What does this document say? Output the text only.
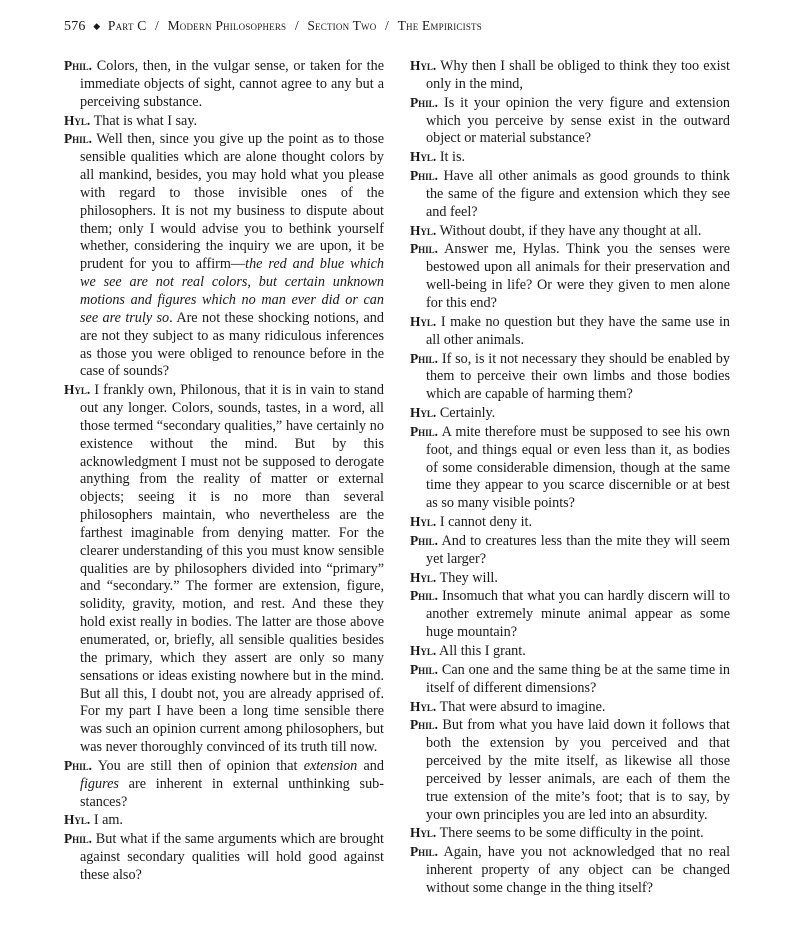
576 ◆ Part C / Modern Philosophers / Section Two / The Empiricists

Phil. Colors, then, in the vulgar sense, or taken for the immediate objects of sight, cannot agree to any but a perceiving substance.

Hyl. That is what I say.

Phil. Well then, since you give up the point as to those sensible qualities which are alone thought colors by all mankind, besides, you may hold what you please with regard to those invisible ones of the philosophers. It is not my business to dispute about them; only I would advise you to bethink yourself whether, considering the inquiry we are upon, it be prudent for you to affirm—the red and blue which we see are not real colors, but certain unknown motions and figures which no man ever did or can see are truly so. Are not these shocking notions, and are not they subject to as many ridiculous inferences as those you were obliged to renounce before in the case of sounds?

Hyl. I frankly own, Philonous, that it is in vain to stand out any longer. Colors, sounds, tastes, in a word, all those termed “secondary qualities,” have certainly no existence without the mind. But by this acknowledgment I must not be supposed to derogate anything from the reality of matter or external objects; seeing it is no more than several philosophers maintain, who nevertheless are the farthest imaginable from denying matter. For the clearer understanding of this you must know sensible qualities are by philosophers divided into “primary” and “secondary.” The former are extension, figure, solidity, gravity, motion, and rest. And these they hold exist really in bodies. The latter are those above enumerated, or, briefly, all sensible qualities besides the primary, which they assert are only so many sensations or ideas existing nowhere but in the mind. But all this, I doubt not, you are already apprised of. For my part I have been a long time sensible there was such an opinion current among philosophers, but was never thoroughly convinced of its truth till now.

Phil. You are still then of opinion that extension and figures are inherent in external unthinking substances?

Hyl. I am.

Phil. But what if the same arguments which are brought against secondary qualities will hold good against these also?

Hyl. Why then I shall be obliged to think they too exist only in the mind,

Phil. Is it your opinion the very figure and extension which you perceive by sense exist in the outward object or material substance?

Hyl. It is.

Phil. Have all other animals as good grounds to think the same of the figure and extension which they see and feel?

Hyl. Without doubt, if they have any thought at all.

Phil. Answer me, Hylas. Think you the senses were bestowed upon all animals for their preservation and well-being in life? Or were they given to men alone for this end?

Hyl. I make no question but they have the same use in all other animals.

Phil. If so, is it not necessary they should be enabled by them to perceive their own limbs and those bodies which are capable of harming them?

Hyl. Certainly.

Phil. A mite therefore must be supposed to see his own foot, and things equal or even less than it, as bodies of some considerable dimension, though at the same time they appear to you scarce discernible or at best as so many visible points?

Hyl. I cannot deny it.

Phil. And to creatures less than the mite they will seem yet larger?

Hyl. They will.

Phil. Insomuch that what you can hardly discern will to another extremely minute animal appear as some huge mountain?

Hyl. All this I grant.

Phil. Can one and the same thing be at the same time in itself of different dimensions?

Hyl. That were absurd to imagine.

Phil. But from what you have laid down it follows that both the extension by you perceived and that perceived by the mite itself, as likewise all those perceived by lesser animals, are each of them the true extension of the mite’s foot; that is to say, by your own principles you are led into an absurdity.

Hyl. There seems to be some difficulty in the point.

Phil. Again, have you not acknowledged that no real inherent property of any object can be changed without some change in the thing itself?
